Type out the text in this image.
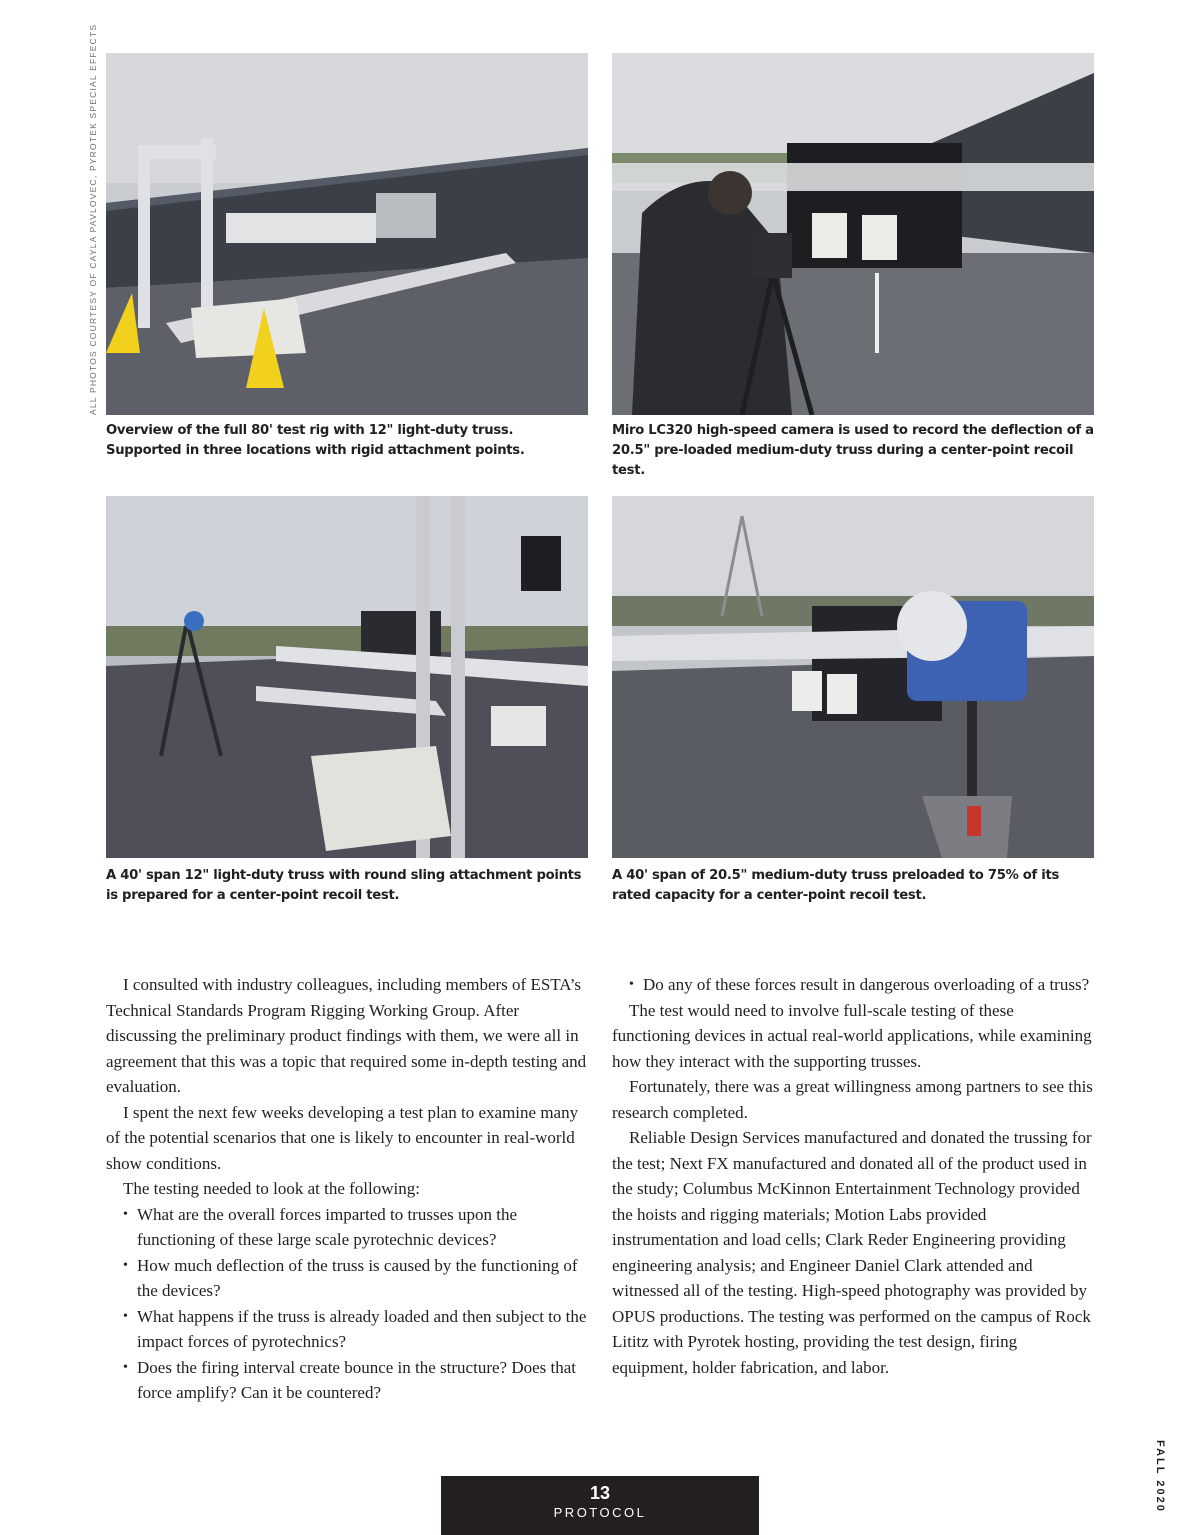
ALL PHOTOS COURTESY OF CAYLA PAVLOVEC, PYROTEK SPECIAL EFFECTS
Overview of the full 80' test rig with 12" light-duty truss. Supported in three locations with rigid attachment points.
Miro LC320 high-speed camera is used to record the deflection of a 20.5" pre-loaded medium-duty truss during a center-point recoil test.
A 40' span 12" light-duty truss with round sling attachment points is prepared for a center-point recoil test.
A 40' span of 20.5" medium-duty truss preloaded to 75% of its rated capacity for a center-point recoil test.

I consulted with industry colleagues, including members of ESTA’s Technical Standards Program Rigging Working Group. After discussing the preliminary product findings with them, we were all in agreement that this was a topic that required some in-depth testing and evaluation.

I spent the next few weeks developing a test plan to examine many of the potential scenarios that one is likely to encounter in real-world show conditions.

The testing needed to look at the following:

• What are the overall forces imparted to trusses upon the functioning of these large scale pyrotechnic devices?
• How much deflection of the truss is caused by the functioning of the devices?
• What happens if the truss is already loaded and then subject to the impact forces of pyrotechnics?
• Does the firing interval create bounce in the structure? Does that force amplify? Can it be countered?
• Do any of these forces result in dangerous overloading of a truss?

The test would need to involve full-scale testing of these functioning devices in actual real-world applications, while examining how they interact with the supporting trusses.

Fortunately, there was a great willingness among partners to see this research completed.

Reliable Design Services manufactured and donated the trussing for the test; Next FX manufactured and donated all of the product used in the study; Columbus McKinnon Entertainment Technology provided the hoists and rigging materials; Motion Labs provided instrumentation and load cells; Clark Reder Engineering providing engineering analysis; and Engineer Daniel Clark attended and witnessed all of the testing. High-speed photography was provided by OPUS productions. The testing was performed on the campus of Rock Lititz with Pyrotek hosting, providing the test design, firing equipment, holder fabrication, and labor.

13
PROTOCOL	FALL 2020
